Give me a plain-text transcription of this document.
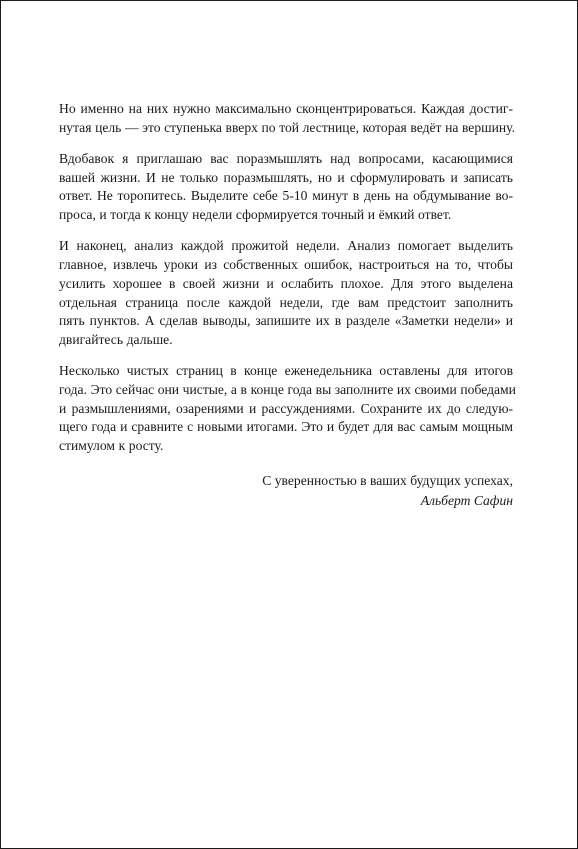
Но именно на них нужно максимально сконцентрироваться. Каждая достиг-
нутая цель — это ступенька вверх по той лестнице, которая ведёт на вершину.

Вдобавок я приглашаю вас поразмышлять над вопросами, касающимися
вашей жизни. И не только поразмышлять, но и сформулировать и записать
ответ. Не торопитесь. Выделите себе 5-10 минут в день на обдумывание во-
проса, и тогда к концу недели сформируется точный и ёмкий ответ.

И наконец, анализ каждой прожитой недели. Анализ помогает выделить
главное, извлечь уроки из собственных ошибок, настроиться на то, чтобы
усилить хорошее в своей жизни и ослабить плохое. Для этого выделена
отдельная страница после каждой недели, где вам предстоит заполнить
пять пунктов. А сделав выводы, запишите их в разделе «Заметки недели» и
двигайтесь дальше.

Несколько чистых страниц в конце еженедельника оставлены для итогов
года. Это сейчас они чистые, а в конце года вы заполните их своими победами
и размышлениями, озарениями и рассуждениями. Сохраните их до следую-
щего года и сравните с новыми итогами. Это и будет для вас самым мощным
стимулом к росту.

С уверенностью в ваших будущих успехах,
Альберт Сафин
